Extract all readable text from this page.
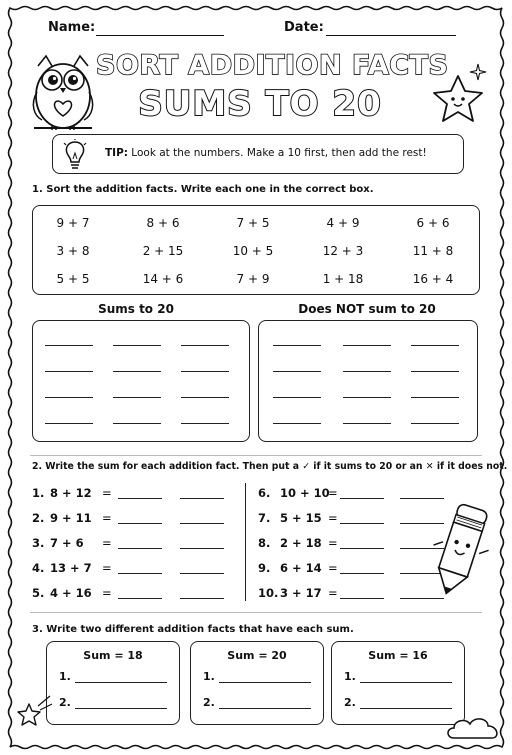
Name:	Date:
SORT ADDITION FACTS
SUMS TO 20
TIP: Look at the numbers. Make a 10 first, then add the rest!
1. Sort the addition facts. Write each one in the correct box.
9 + 7	8 + 6	7 + 5	4 + 9	6 + 6
3 + 8	2 + 15	10 + 5	12 + 3	11 + 8
5 + 5	14 + 6	7 + 9	1 + 18	16 + 4
Sums to 20	Does NOT sum to 20
2. Write the sum for each addition fact. Then put a ✓ if it sums to 20 or an ✕ if it does not.
1. 8 + 12 =
2. 9 + 11 =
3. 7 + 6 =
4. 13 + 7 =
5. 4 + 16 =
6. 10 + 10
=
7. 5 + 15 =
8. 2 + 18 =
9. 6 + 14 =
10. 3 + 17 =
3. Write two different addition facts that have each sum.
Sum = 18
1.
2.
Sum = 20
1.
2.
Sum = 16
1.
2.
